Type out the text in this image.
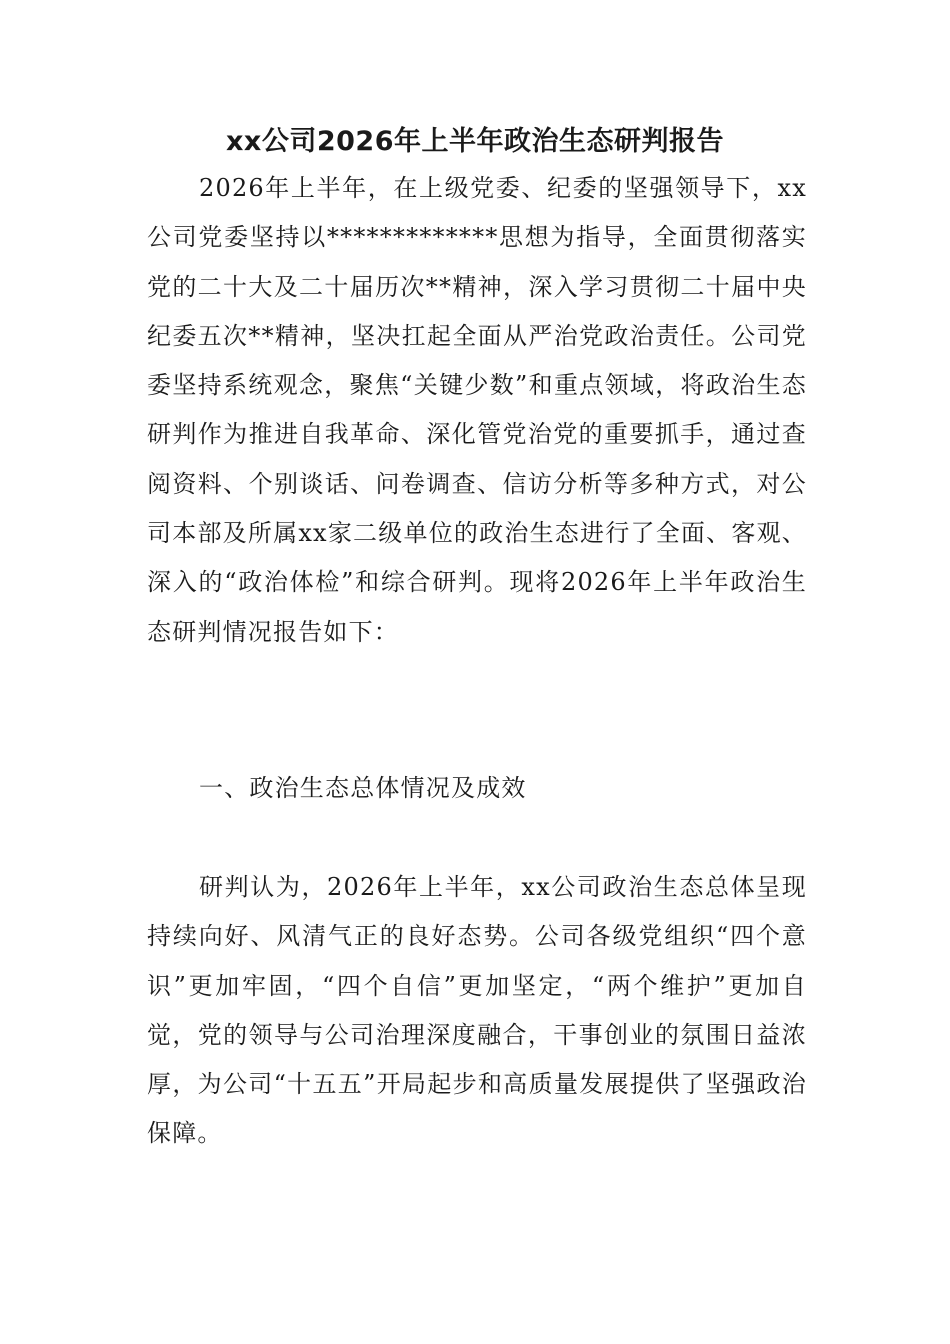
xx公司2026年上半年政治生态研判报告

2026年上半年，在上级党委、纪委的坚强领导下，xx公司党委坚持以*************思想为指导，全面贯彻落实党的二十大及二十届历次**精神，深入学习贯彻二十届中央纪委五次**精神，坚决扛起全面从严治党政治责任。公司党委坚持系统观念，聚焦“关键少数”和重点领域，将政治生态研判作为推进自我革命、深化管党治党的重要抓手，通过查阅资料、个别谈话、问卷调查、信访分析等多种方式，对公司本部及所属xx家二级单位的政治生态进行了全面、客观、深入的“政治体检”和综合研判。现将2026年上半年政治生态研判情况报告如下：

一、政治生态总体情况及成效

研判认为，2026年上半年，xx公司政治生态总体呈现持续向好、风清气正的良好态势。公司各级党组织“四个意识”更加牢固，“四个自信”更加坚定，“两个维护”更加自觉，党的领导与公司治理深度融合，干事创业的氛围日益浓厚，为公司“十五五”开局起步和高质量发展提供了坚强政治保障。
